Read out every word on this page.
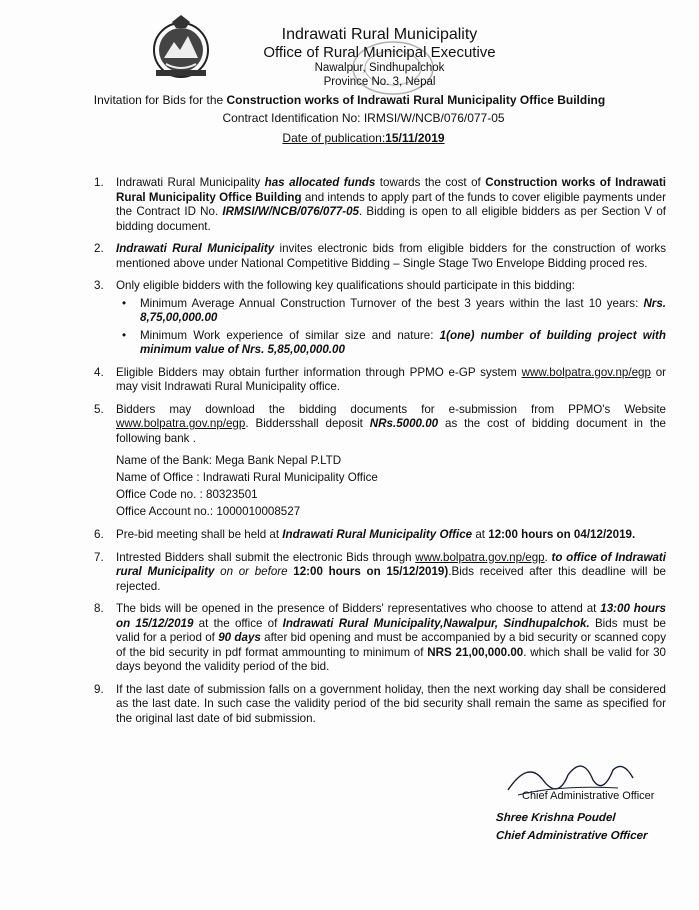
Indrawati Rural Municipality
Office of Rural Municipal Executive
Nawalpur, Sindhupalchok
Province No. 3, Nepal
Invitation for Bids for the Construction works of Indrawati Rural Municipality Office Building
Contract Identification No: IRMSI/W/NCB/076/077-05
Date of publication:15/11/2019
1. Indrawati Rural Municipality has allocated funds towards the cost of Construction works of Indrawati Rural Municipality Office Building and intends to apply part of the funds to cover eligible payments under the Contract ID No. IRMSI/W/NCB/076/077-05. Bidding is open to all eligible bidders as per Section V of bidding document.
2. Indrawati Rural Municipality invites electronic bids from eligible bidders for the construction of works mentioned above under National Competitive Bidding – Single Stage Two Envelope Bidding proced res.
3. Only eligible bidders with the following key qualifications should participate in this bidding:
• Minimum Average Annual Construction Turnover of the best 3 years within the last 10 years: Nrs. 8,75,00,000.00
• Minimum Work experience of similar size and nature: 1(one) number of building project with minimum value of Nrs. 5,85,00,000.00
4. Eligible Bidders may obtain further information through PPMO e-GP system www.bolpatra.gov.np/egp or may visit Indrawati Rural Municipality office.
5. Bidders may download the bidding documents for e-submission from PPMO's Website www.bolpatra.gov.np/egp. Biddersshall deposit NRs.5000.00 as the cost of bidding document in the following bank .
Name of the Bank: Mega Bank Nepal P.LTD
Name of Office : Indrawati Rural Municipality Office
Office Code no. : 80323501
Office Account no.: 1000010008527
6. Pre-bid meeting shall be held at Indrawati Rural Municipality Office at 12:00 hours on 04/12/2019.
7. Intrested Bidders shall submit the electronic Bids through www.bolpatra.gov.np/egp. to office of Indrawati rural Municipality on or before 12:00 hours on 15/12/2019).Bids received after this deadline will be rejected.
8. The bids will be opened in the presence of Bidders' representatives who choose to attend at 13:00 hours on 15/12/2019 at the office of Indrawati Rural Municipality,Nawalpur, Sindhupalchok. Bids must be valid for a period of 90 days after bid opening and must be accompanied by a bid security or scanned copy of the bid security in pdf format ammounting to minimum of NRS 21,00,000.00. which shall be valid for 30 days beyond the validity period of the bid.
9. If the last date of submission falls on a government holiday, then the next working day shall be considered as the last date. In such case the validity period of the bid security shall remain the same as specified for the original last date of bid submission.
Chief Administrative Officer
Shree Krishna Poudel
Chief Administrative Officer
